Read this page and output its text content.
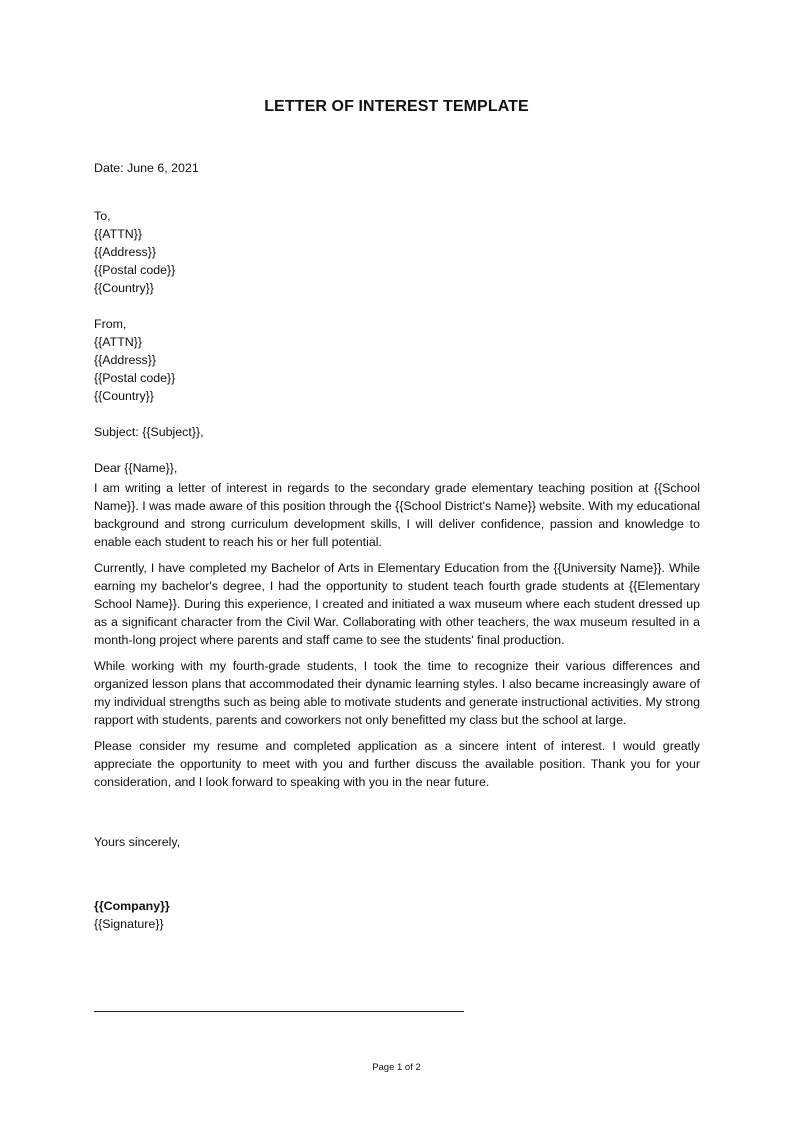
LETTER OF INTEREST TEMPLATE
Date: June 6, 2021
To,
{{ATTN}}
{{Address}}
{{Postal code}}
{{Country}}
From,
{{ATTN}}
{{Address}}
{{Postal code}}
{{Country}}
Subject: {{Subject}},
Dear {{Name}},

I am writing a letter of interest in regards to the secondary grade elementary teaching position at {{School Name}}. I was made aware of this position through the {{School District's Name}} website. With my educational background and strong curriculum development skills, I will deliver confidence, passion and knowledge to enable each student to reach his or her full potential.

Currently, I have completed my Bachelor of Arts in Elementary Education from the {{University Name}}. While earning my bachelor's degree, I had the opportunity to student teach fourth grade students at {{Elementary School Name}}. During this experience, I created and initiated a wax museum where each student dressed up as a significant character from the Civil War. Collaborating with other teachers, the wax museum resulted in a month-long project where parents and staff came to see the students' final production.

While working with my fourth-grade students, I took the time to recognize their various differences and organized lesson plans that accommodated their dynamic learning styles. I also became increasingly aware of my individual strengths such as being able to motivate students and generate instructional activities. My strong rapport with students, parents and coworkers not only benefitted my class but the school at large.

Please consider my resume and completed application as a sincere intent of interest. I would greatly appreciate the opportunity to meet with you and further discuss the available position. Thank you for your consideration, and I look forward to speaking with you in the near future.

Yours sincerely,
{{Company}}
{{Signature}}
Page 1 of 2
